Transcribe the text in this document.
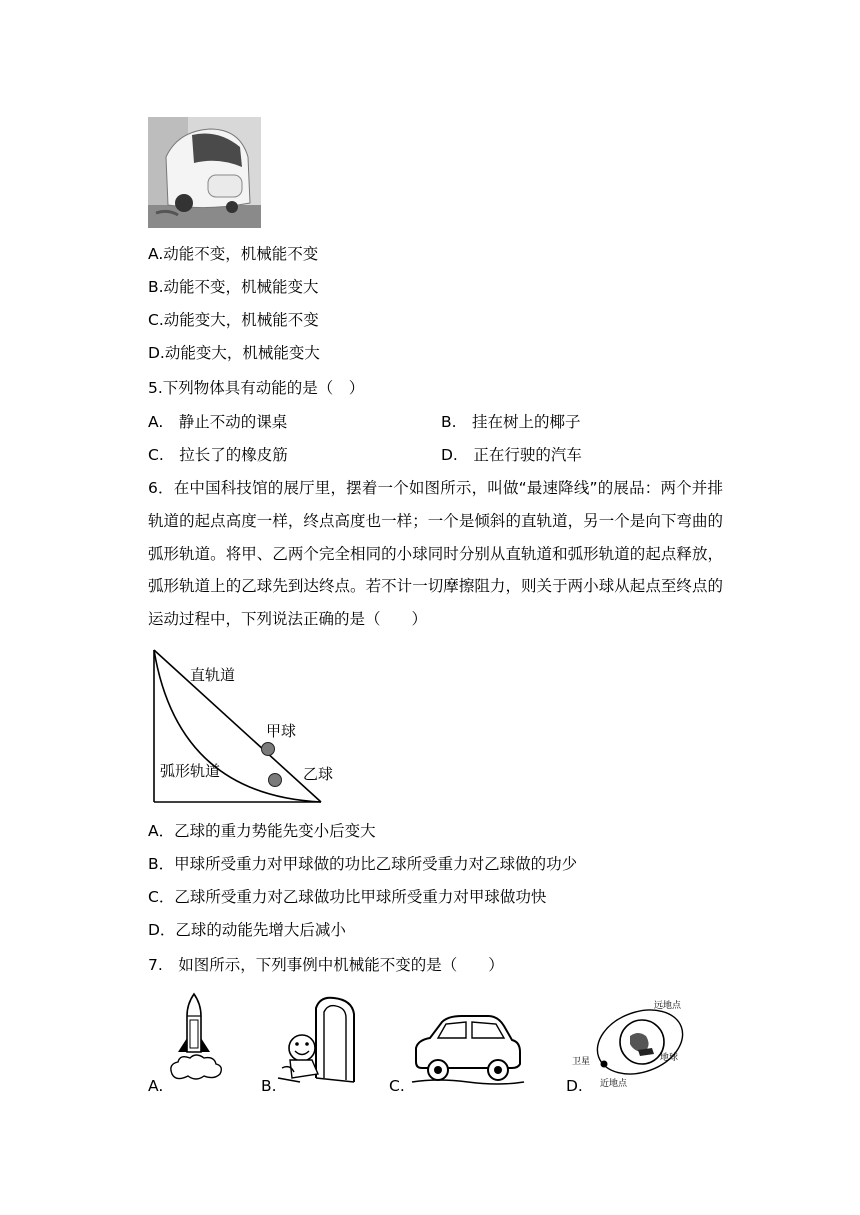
A.动能不变，机械能不变
B.动能不变，机械能变大
C.动能变大，机械能不变
D.动能变大，机械能变大
5.下列物体具有动能的是（　）
A.　静止不动的课桌	B.　挂在树上的椰子
C.　拉长了的橡皮筋	D.　正在行驶的汽车
6．在中国科技馆的展厅里，摆着一个如图所示，叫做“最速降线”的展品：两个并排轨道的起点高度一样，终点高度也一样；一个是倾斜的直轨道，另一个是向下弯曲的弧形轨道。将甲、乙两个完全相同的小球同时分别从直轨道和弧形轨道的起点释放，弧形轨道上的乙球先到达终点。若不计一切摩擦阻力，则关于两小球从起点至终点的运动过程中，下列说法正确的是（　　）
直轨道
甲球
弧形轨道	乙球
A．乙球的重力势能先变小后变大
B．甲球所受重力对甲球做的功比乙球所受重力对乙球做的功少
C．乙球所受重力对乙球做功比甲球所受重力对甲球做功快
D．乙球的动能先增大后减小
7.　如图所示，下列事例中机械能不变的是（　　）
A.	B.	C.	D.
远地点
地球
卫星
近地点
